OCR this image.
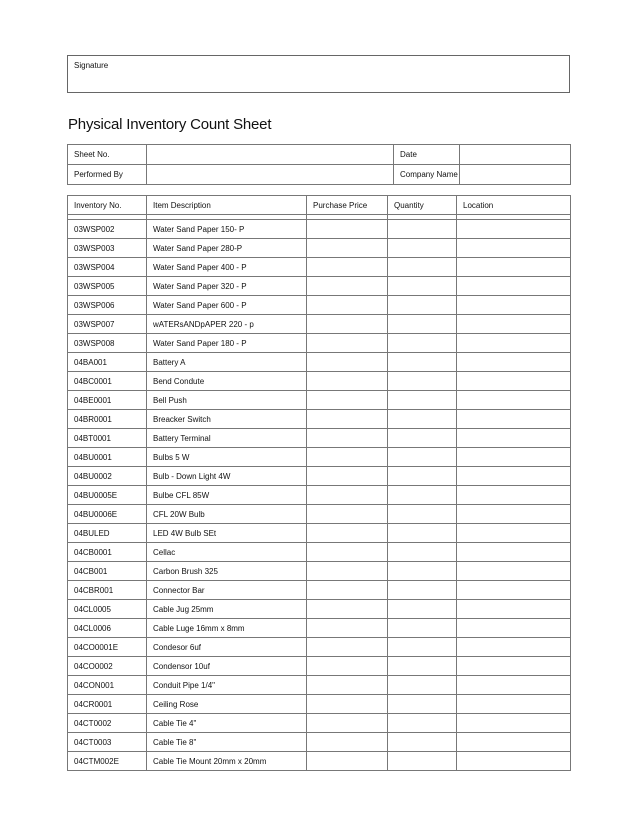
Signature
Physical Inventory Count Sheet
Sheet No.		Date	
Performed By		Company Name	
Inventory No.	Item Description	Purchase Price	Quantity	Location

03WSP002	Water Sand Paper 150- P			
03WSP003	Water Sand Paper 280-P			
03WSP004	Water Sand Paper 400 - P			
03WSP005	Water Sand Paper 320 - P			
03WSP006	Water Sand Paper 600 - P			
03WSP007	wATERsANDpAPER 220 - p			
03WSP008	Water Sand Paper 180 - P			
04BA001	Battery A			
04BC0001	Bend Condute			
04BE0001	Bell Push			
04BR0001	Breacker Switch			
04BT0001	Battery Terminal			
04BU0001	Bulbs 5 W			
04BU0002	Bulb - Down Light 4W			
04BU0005E	Bulbe CFL 85W			
04BU0006E	CFL 20W Bulb			
04BULED	LED 4W Bulb SEt			
04CB0001	Cellac			
04CB001	Carbon Brush 325			
04CBR001	Connector Bar			
04CL0005	Cable Jug 25mm			
04CL0006	Cable Luge 16mm x 8mm			
04CO0001E	Condesor 6uf			
04CO0002	Condensor 10uf			
04CON001	Conduit Pipe 1/4"			
04CR0001	Ceiling Rose			
04CT0002	Cable Tie 4"			
04CT0003	Cable Tie 8"			
04CTM002E	Cable Tie Mount 20mm x 20mm			
